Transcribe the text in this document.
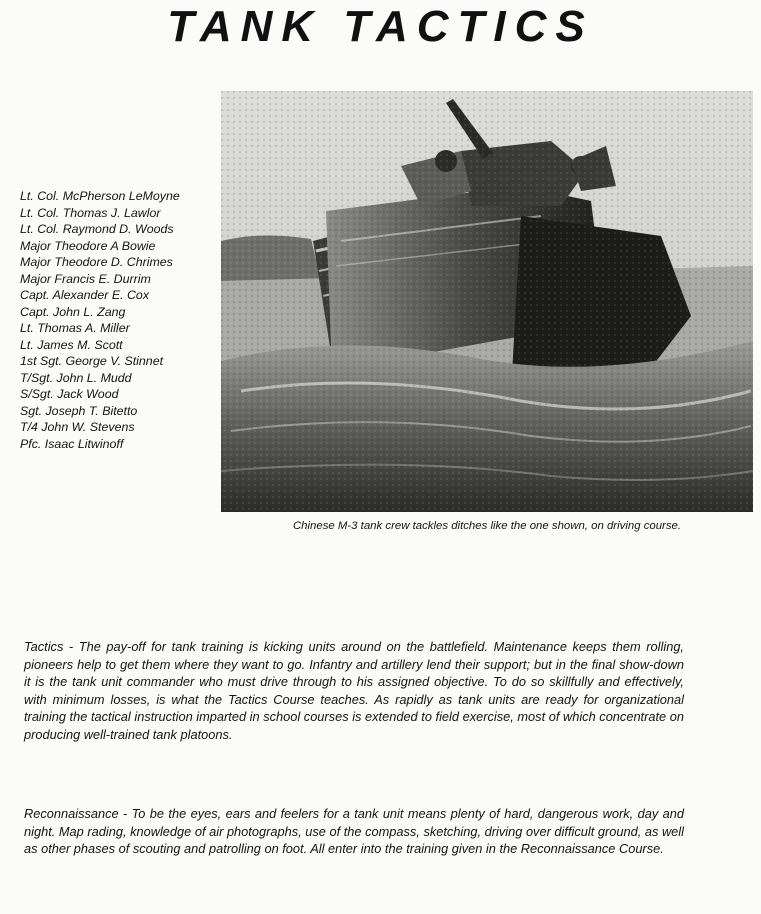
TANK TACTICS
Lt. Col. McPherson LeMoyne
Lt. Col. Thomas J. Lawlor
Lt. Col. Raymond D. Woods
Major Theodore A Bowie
Major Theodore D. Chrimes
Major Francis E. Durrim
Capt. Alexander E. Cox
Capt. John L. Zang
Lt. Thomas A. Miller
Lt. James M. Scott
1st Sgt. George V. Stinnet
T/Sgt. John L. Mudd
S/Sgt. Jack Wood
Sgt. Joseph T. Bitetto
T/4 John W. Stevens
Pfc. Isaac Litwinoff
Chinese M-3 tank crew tackles ditches like the one shown, on driving course.

Tactics - The pay-off for tank training is kicking units around on the battlefield. Maintenance keeps them rolling, pioneers help to get them where they want to go. Infantry and artillery lend their support; but in the final show-down it is the tank unit commander who must drive through to his assigned objective. To do so skillfully and effectively, with minimum losses, is what the Tactics Course teaches. As rapidly as tank units are ready for organizational training the tactical instruction imparted in school courses is extended to field exercise, most of which concentrate on producing well-trained tank platoons.

Reconnaissance - To be the eyes, ears and feelers for a tank unit means plenty of hard, dangerous work, day and night. Map rading, knowledge of air photographs, use of the compass, sketching, driving over difficult ground, as well as other phases of scouting and patrolling on foot. All enter into the training given in the Reconnaissance Course.
